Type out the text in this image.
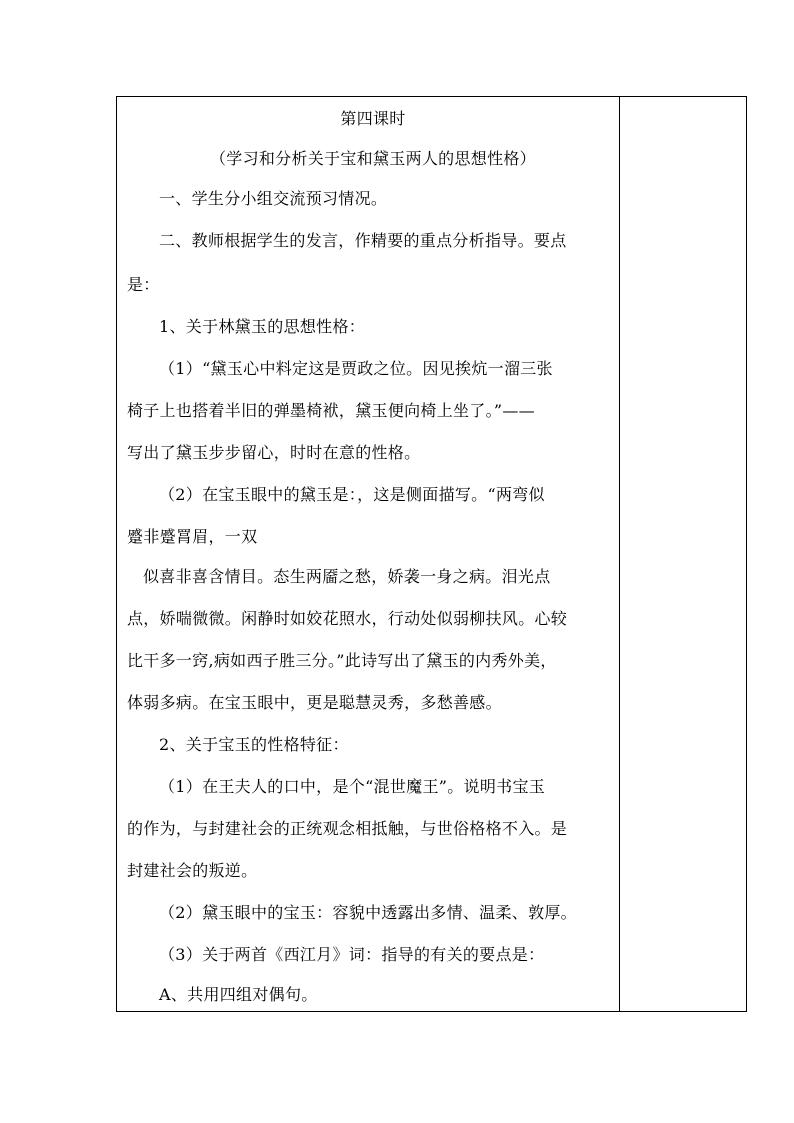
第四课时
（学习和分析关于宝和黛玉两人的思想性格）
一、学生分小组交流预习情况。
二、教师根据学生的发言，作精要的重点分析指导。要点
是：
1、关于林黛玉的思想性格：
（1）“黛玉心中料定这是贾政之位。因见挨炕一溜三张
椅子上也搭着半旧的弹墨椅袱，黛玉便向椅上坐了。”——
写出了黛玉步步留心，时时在意的性格。
（2）在宝玉眼中的黛玉是：，这是侧面描写。“两弯似
蹙非蹙罥眉，一双
似喜非喜含情目。态生两靥之愁，娇袭一身之病。泪光点
点，娇喘微微。闲静时如姣花照水，行动处似弱柳扶风。心较
比干多一窍,病如西子胜三分。”此诗写出了黛玉的内秀外美，
体弱多病。在宝玉眼中，更是聪慧灵秀，多愁善感。
2、关于宝玉的性格特征：
（1）在王夫人的口中，是个“混世魔王”。说明书宝玉
的作为，与封建社会的正统观念相抵触，与世俗格格不入。是
封建社会的叛逆。
（2）黛玉眼中的宝玉：容貌中透露出多情、温柔、敦厚。
（3）关于两首《西江月》词：指导的有关的要点是：
A、共用四组对偶句。
